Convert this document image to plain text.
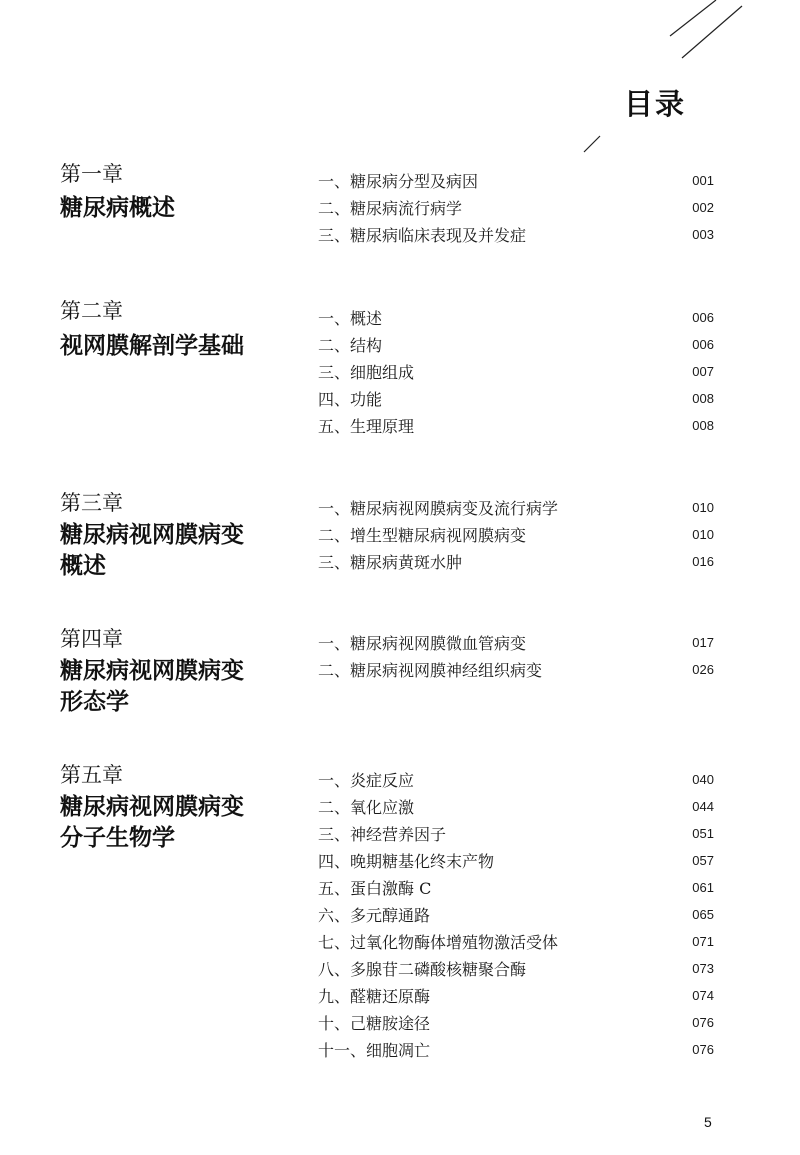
目录
第一章
糖尿病概述
一、糖尿病分型及病因	001
二、糖尿病流行病学	002
三、糖尿病临床表现及并发症	003
第二章
视网膜解剖学基础
一、概述	006
二、结构	006
三、细胞组成	007
四、功能	008
五、生理原理	008
第三章
糖尿病视网膜病变
概述
一、糖尿病视网膜病变及流行病学	010
二、增生型糖尿病视网膜病变	010
三、糖尿病黄斑水肿	016
第四章
糖尿病视网膜病变
形态学
一、糖尿病视网膜微血管病变	017
二、糖尿病视网膜神经组织病变	026
第五章
糖尿病视网膜病变
分子生物学
一、炎症反应	040
二、氧化应激	044
三、神经营养因子	051
四、晚期糖基化终末产物	057
五、蛋白激酶 C	061
六、多元醇通路	065
七、过氧化物酶体增殖物激活受体	071
八、多腺苷二磷酸核糖聚合酶	073
九、醛糖还原酶	074
十、己糖胺途径	076
十一、细胞凋亡	076
5
